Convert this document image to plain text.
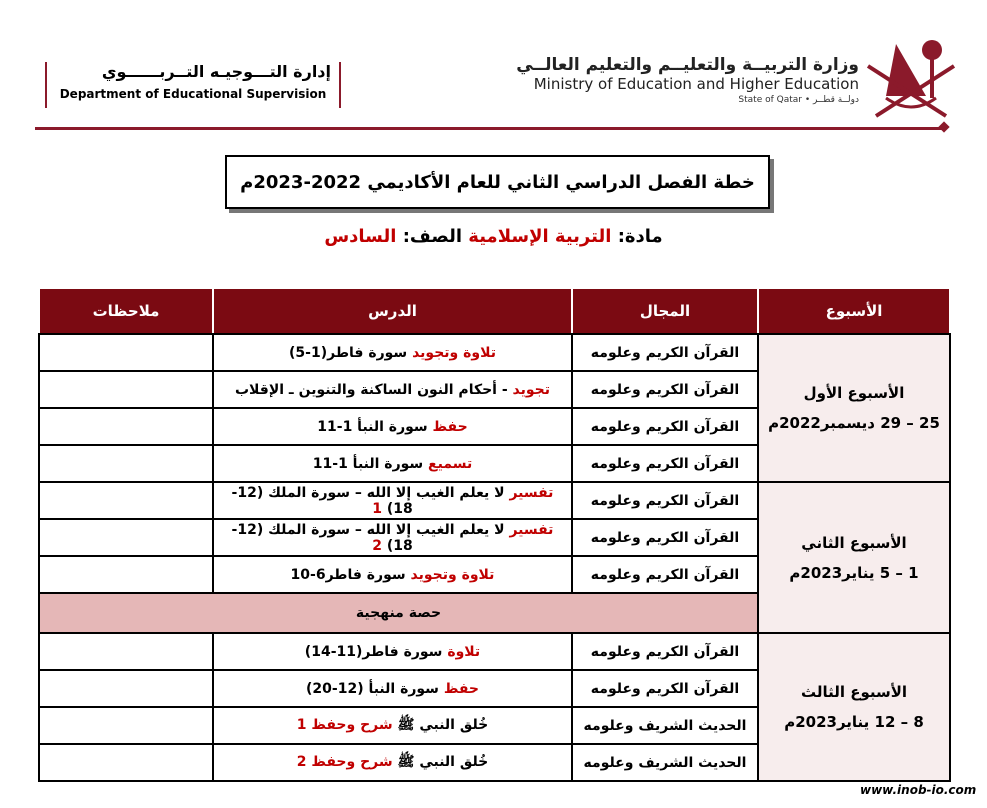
وزارة التربيــة والتعليــم والتعليم العالــي
Ministry of Education and Higher Education
State of Qatar • دولــة قطــر
إدارة التـــوجيـه التــربــــــوي
Department of Educational Supervision
خطة الفصل الدراسي الثاني للعام الأكاديمي 2022-2023م
مادة: التربية الإسلامية الصف: السادس
الأسبوع	المجال	الدرس	ملاحظات
الأسبوع الأول
25 – 29 ديسمبر2022م	القرآن الكريم وعلومه	تلاوة وتجويد سورة فاطر(1-5)	
	القرآن الكريم وعلومه	تجويد - أحكام النون الساكنة والتنوين ـ الإقلاب	
	القرآن الكريم وعلومه	حفظ سورة النبأ 1-11	
	القرآن الكريم وعلومه	تسميع سورة النبأ 1-11	
الأسبوع الثاني
1 – 5 يناير2023م	القرآن الكريم وعلومه	تفسير لا يعلم الغيب إلا الله – سورة الملك (12-18) 1	
	القرآن الكريم وعلومه	تفسير لا يعلم الغيب إلا الله – سورة الملك (12-18) 2	
	القرآن الكريم وعلومه	تلاوة وتجويد سورة فاطر6-10	
	حصة منهجية		
الأسبوع الثالث
8 – 12 يناير2023م	القرآن الكريم وعلومه	تلاوة سورة فاطر(11-14)	
	القرآن الكريم وعلومه	حفظ سورة النبأ (12-20)	
	الحديث الشريف وعلومه	خُلق النبي ﷺ شرح وحفظ 1	
	الحديث الشريف وعلومه	خُلق النبي ﷺ شرح وحفظ 2	
www.inob-io.com
